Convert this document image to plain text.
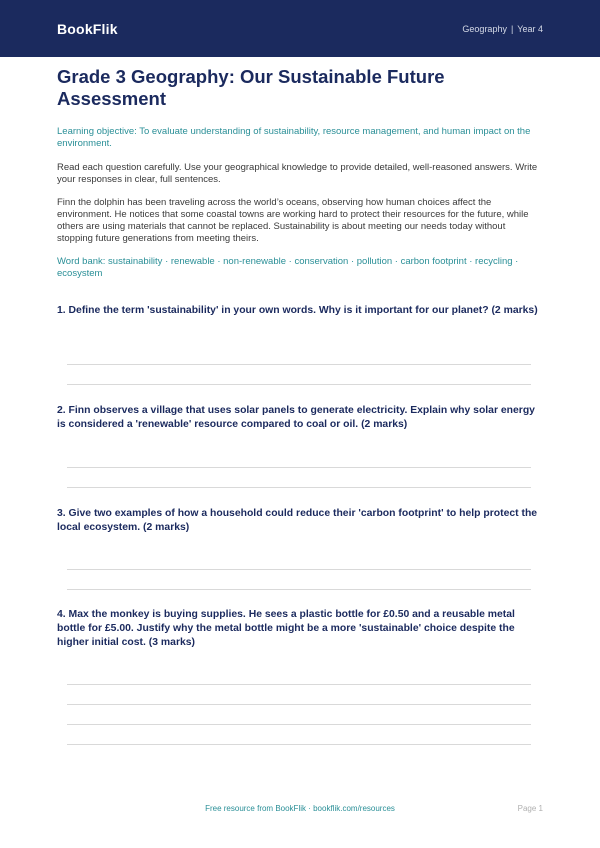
BookFlik	Geography | Year 4
Grade 3 Geography: Our Sustainable Future Assessment
Learning objective: To evaluate understanding of sustainability, resource management, and human impact on the environment.
Read each question carefully. Use your geographical knowledge to provide detailed, well-reasoned answers. Write your responses in clear, full sentences.
Finn the dolphin has been traveling across the world’s oceans, observing how human choices affect the environment. He notices that some coastal towns are working hard to protect their resources for the future, while others are using materials that cannot be replaced. Sustainability is about meeting our needs today without stopping future generations from meeting theirs.
Word bank: sustainability · renewable · non-renewable · conservation · pollution · carbon footprint · recycling · ecosystem
1. Define the term 'sustainability' in your own words. Why is it important for our planet? (2 marks)
2. Finn observes a village that uses solar panels to generate electricity. Explain why solar energy is considered a 'renewable' resource compared to coal or oil. (2 marks)
3. Give two examples of how a household could reduce their 'carbon footprint' to help protect the local ecosystem. (2 marks)
4. Max the monkey is buying supplies. He sees a plastic bottle for £0.50 and a reusable metal bottle for £5.00. Justify why the metal bottle might be a more 'sustainable' choice despite the higher initial cost. (3 marks)
Free resource from BookFlik · bookflik.com/resources	Page 1
